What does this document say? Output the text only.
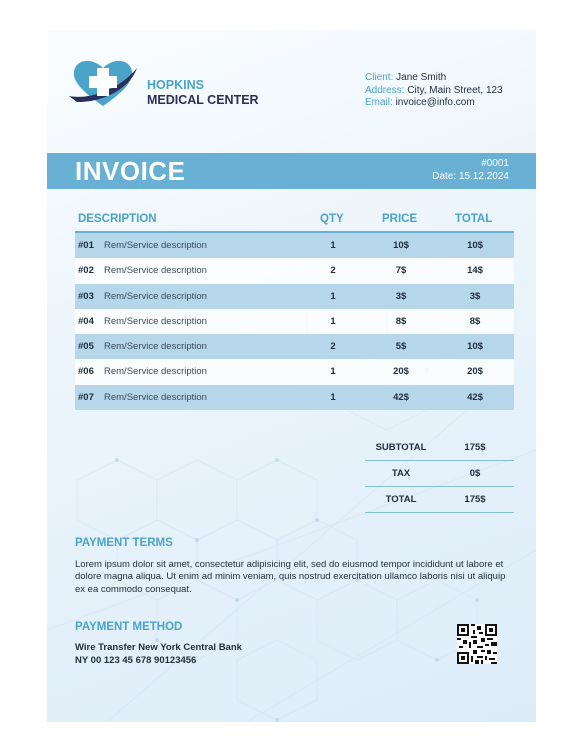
HOPKINS
MEDICAL CENTER
Client: Jane Smith
Address: City, Main Street, 123
Email: invoice@info.com
INVOICE	#0001
Date: 15.12.2024
DESCRIPTION	QTY	PRICE	TOTAL
#01 Rem/Service description	1	10$	10$
#02 Rem/Service description	2	7$	14$
#03 Rem/Service description	1	3$	3$
#04 Rem/Service description	1	8$	8$
#05 Rem/Service description	2	5$	10$
#06 Rem/Service description	1	20$	20$
#07 Rem/Service description	1	42$	42$
SUBTOTAL	175$
TAX	0$
TOTAL	175$
PAYMENT TERMS
Lorem ipsum dolor sit amet, consectetur adipisicing elit, sed do eiusmod tempor incididunt ut labore et dolore magna aliqua. Ut enim ad minim veniam, quis nostrud exercitation ullamco laboris nisi ut aliquip ex ea commodo consequat.
PAYMENT METHOD
Wire Transfer New York Central Bank
NY 00 123 45 678 90123456
